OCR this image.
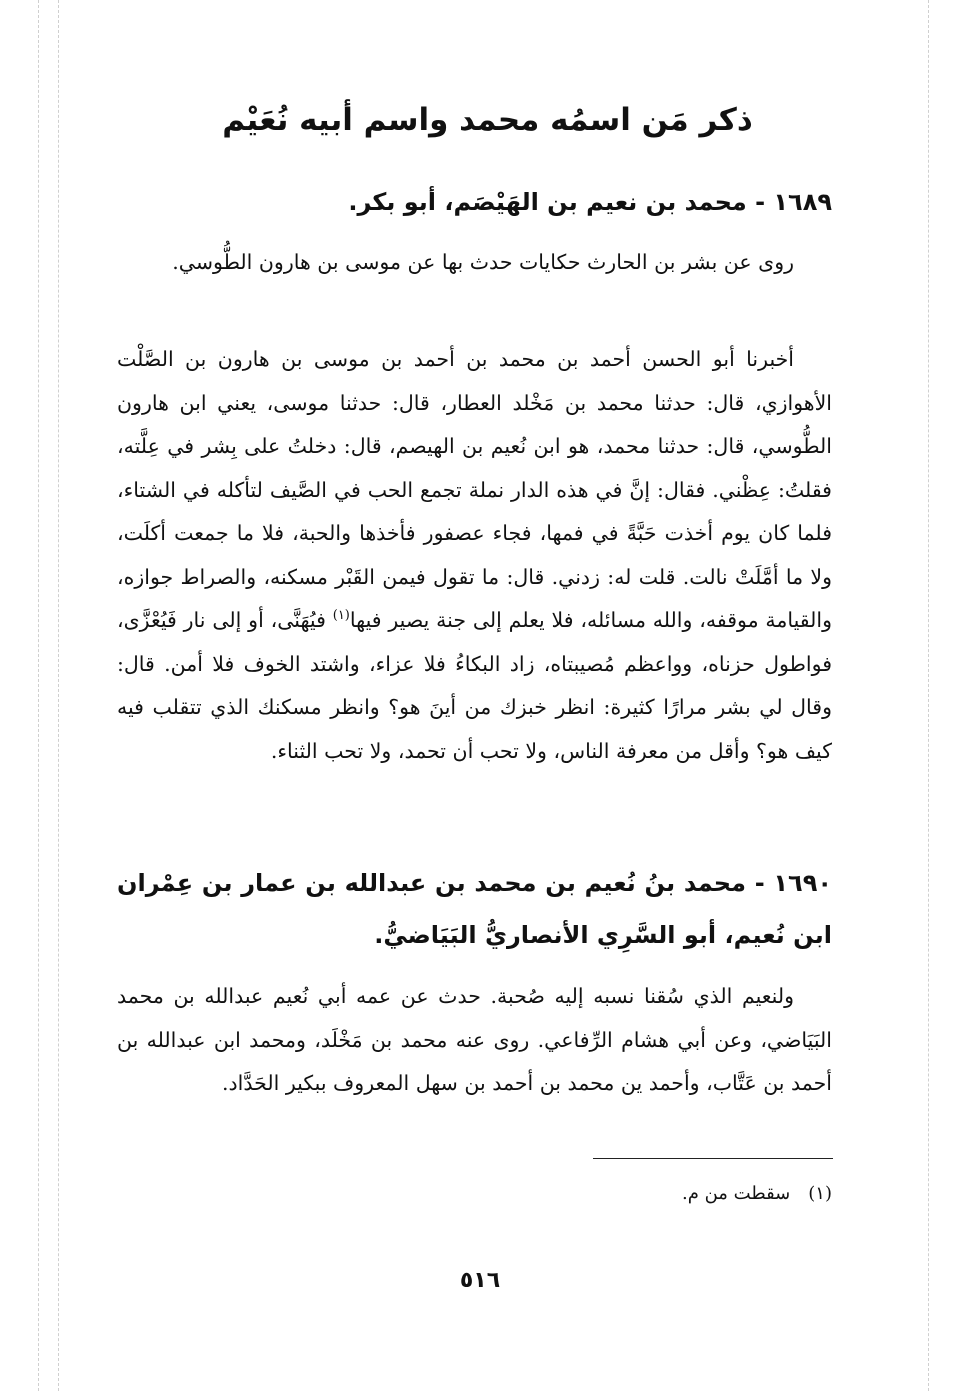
ذكر مَن اسمُه محمد واسم أبيه نُعَيْم
١٦٨٩ - محمد بن نعيم بن الهَيْصَم، أبو بكر.
روى عن بشر بن الحارث حكايات حدث بها عن موسى بن هارون الطُّوسي.
أخبرنا أبو الحسن أحمد بن محمد بن أحمد بن موسى بن هارون بن الصَّلْت الأهوازي، قال: حدثنا محمد بن مَخْلد العطار، قال: حدثنا موسى، يعني ابن هارون الطُّوسي، قال: حدثنا محمد، هو ابن نُعيم بن الهيصم، قال: دخلتُ على بِشر في عِلَّته، فقلتُ: عِظْني. فقال: إنَّ في هذه الدار نملة تجمع الحب في الصَّيف لتأكله في الشتاء، فلما كان يوم أخذت حَبَّةً في فمها، فجاء عصفور فأخذها والحبة، فلا ما جمعت أكلَت، ولا ما أمَّلَتْ نالت. قلت له: زدني. قال: ما تقول فيمن القَبْر مسكنه، والصراط جوازه، والقيامة موقفه، والله مسائله، فلا يعلم إلى جنة يصير فيها$^{(١)}$ فيُهَنَّى، أو إلى نار فَيُعْزَّى، فواطول حزناه، وواعظم مُصيبتاه، زاد البكاءُ فلا عزاء، واشتد الخوف فلا أمن. قال: وقال لي بشر مرارًا كثيرة: انظر خبزك من أينَ هو؟ وانظر مسكنك الذي تتقلب فيه كيف هو؟ وأقل من معرفة الناس، ولا تحب أن تحمد، ولا تحب الثناء.
١٦٩٠ - محمد بنُ نُعيم بن محمد بن عبدالله بن عمار بن عِمْران ابن نُعيم، أبو السَّرِي الأنصاريُّ البَيَاضيُّ.
ولنعيم الذي سُقنا نسبه إليه صُحبة. حدث عن عمه أبي نُعيم عبدالله بن محمد البَيَاضي، وعن أبي هشام الرِّفاعي. روى عنه محمد بن مَخْلَد، ومحمد ابن عبدالله بن أحمد بن عَتَّاب، وأحمد ين محمد بن أحمد بن سهل المعروف ببكير الحَدَّاد.
(١)سقطت من م.
٥١٦
